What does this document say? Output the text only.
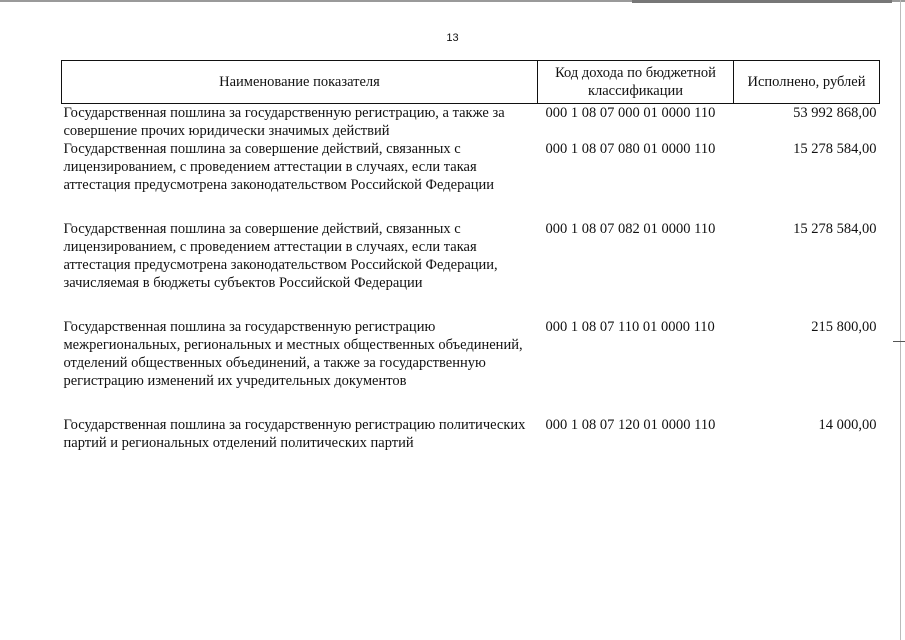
13
Наименование показателя	Код дохода по бюджетной классификации	Исполнено, рублей
Государственная пошлина за государственную регистрацию, а также за совершение прочих юридически значимых действий	000 1 08 07 000 01 0000 110	53 992 868,00
Государственная пошлина за совершение действий, связанных с лицензированием, с проведением аттестации в случаях, если такая аттестация предусмотрена законодательством Российской Федерации	000 1 08 07 080 01 0000 110	15 278 584,00
Государственная пошлина за совершение действий, связанных с лицензированием, с проведением аттестации в случаях, если такая аттестация предусмотрена законодательством Российской Федерации, зачисляемая в бюджеты субъектов Российской Федерации	000 1 08 07 082 01 0000 110	15 278 584,00
Государственная пошлина за государственную регистрацию межрегиональных, региональных и местных общественных объединений, отделений общественных объединений, а также за государственную регистрацию изменений их учредительных документов	000 1 08 07 110 01 0000 110	215 800,00
Государственная пошлина за государственную регистрацию политических партий и региональных отделений политических партий	000 1 08 07 120 01 0000 110	14 000,00
